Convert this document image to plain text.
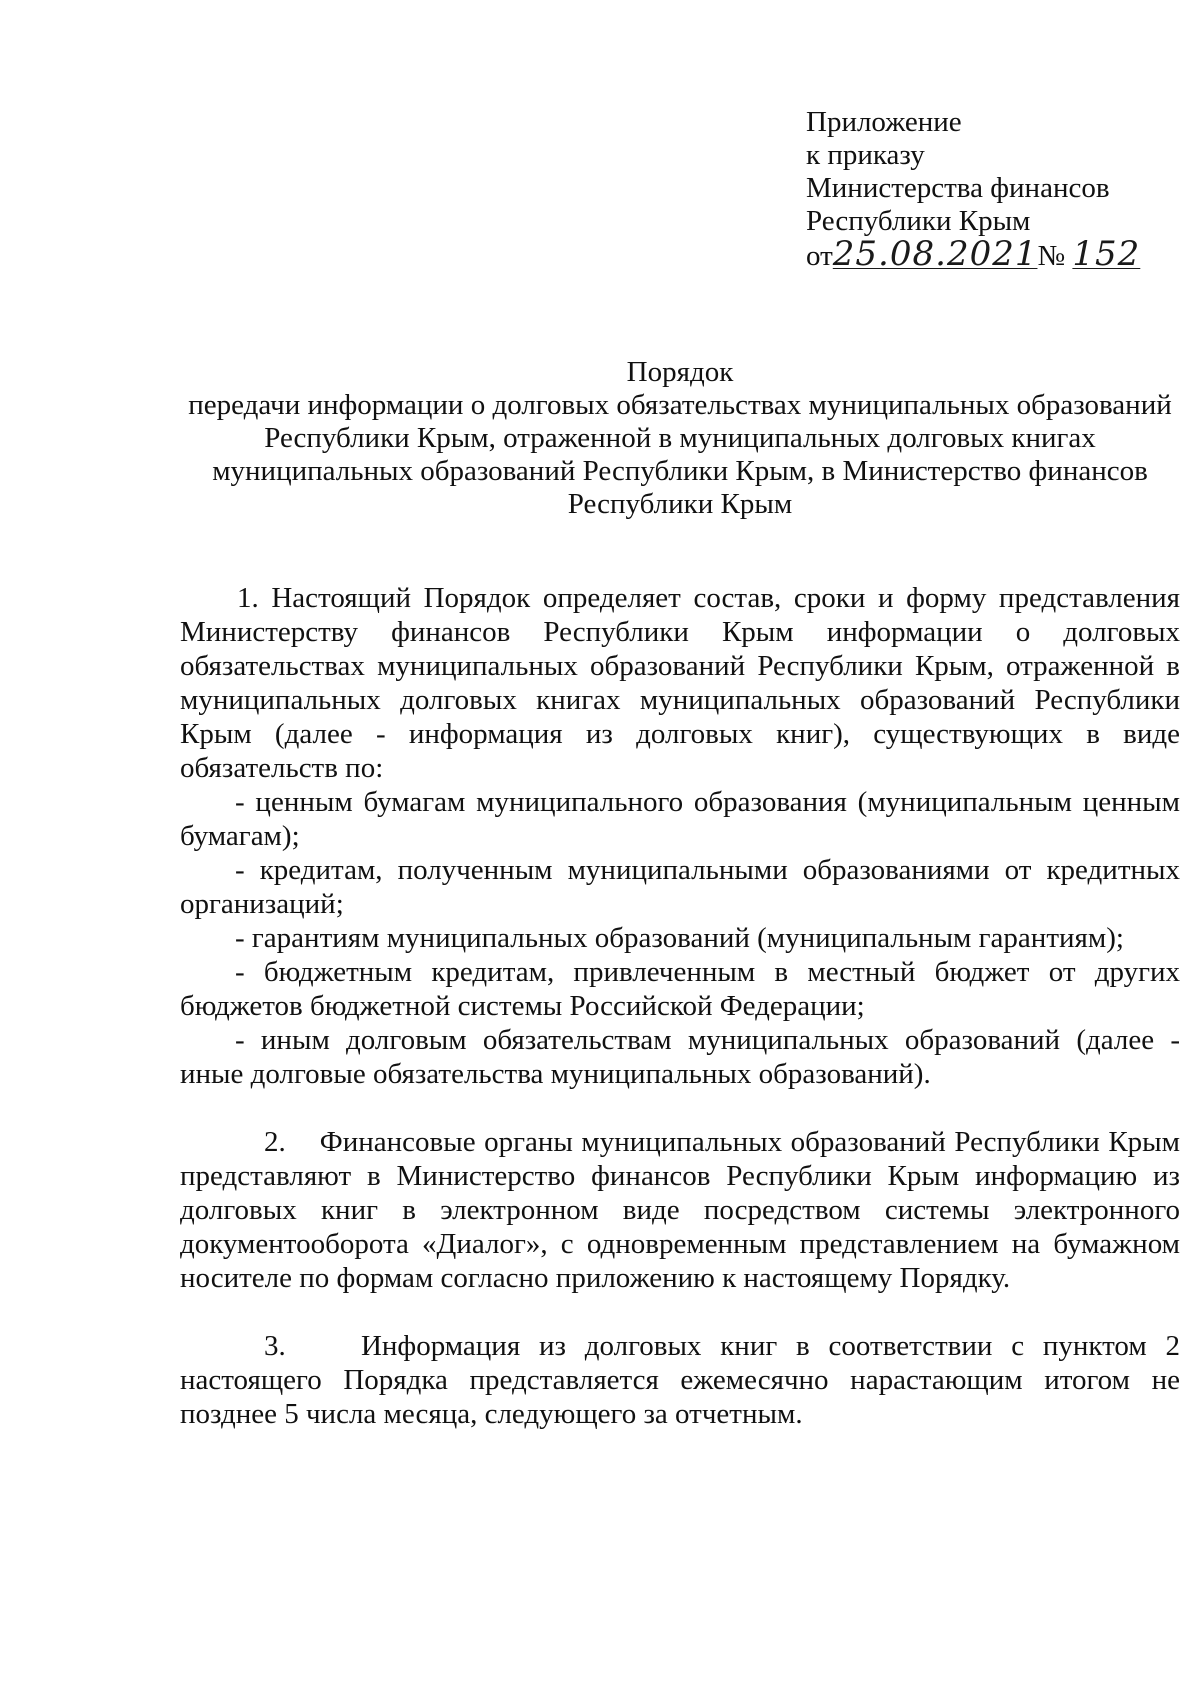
Приложение
к приказу
Министерства финансов
Республики Крым
от25.08.2021№ 152
Порядок
передачи информации о долговых обязательствах муниципальных образований
Республики Крым, отраженной в муниципальных долговых книгах
муниципальных образований Республики Крым, в Министерство финансов
Республики Крым

1. Настоящий Порядок определяет состав, сроки и форму представления Министерству финансов Республики Крым информации о долговых обязательствах муниципальных образований Республики Крым, отраженной в муниципальных долговых книгах муниципальных образований Республики Крым (далее - информация из долговых книг), существующих в виде обязательств по:

- ценным бумагам муниципального образования (муниципальным ценным бумагам);

- кредитам, полученным муниципальными образованиями от кредитных организаций;

- гарантиям муниципальных образований (муниципальным гарантиям);

- бюджетным кредитам, привлеченным в местный бюджет от других бюджетов бюджетной системы Российской Федерации;

- иным долговым обязательствам муниципальных образований (далее - иные долговые обязательства муниципальных образований).

2.    Финансовые органы муниципальных образований Республики Крым представляют в Министерство финансов Республики Крым информацию из долговых книг в электронном виде посредством системы электронного документооборота «Диалог», с одновременным представлением на бумажном носителе по формам согласно приложению к настоящему Порядку.

3.    Информация из долговых книг в соответствии с пунктом 2 настоящего Порядка представляется ежемесячно нарастающим итогом не позднее 5 числа месяца, следующего за отчетным.
